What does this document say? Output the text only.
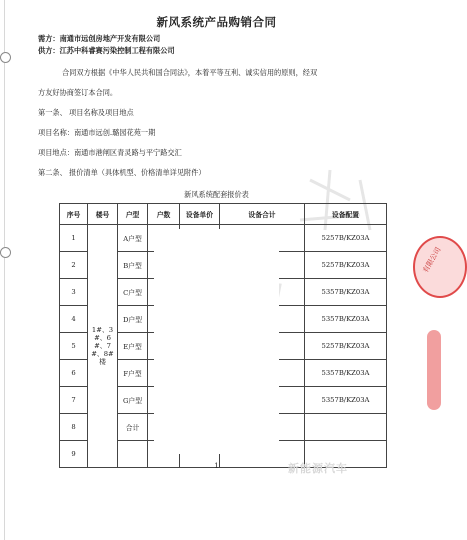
新风系统产品购销合同
需方：南通市远创房地产开发有限公司
供方：江苏中科睿赛污染控制工程有限公司
合同双方根据《中华人民共和国合同法》，本着平等互利、诚实信用的原则，经双
方友好协商签订本合同。
第一条、 项目名称及项目地点
项目名称：南通市远创.璐园花苑一期
项目地点：南通市港闸区青灵路与平宁路交汇
第二条、 报价清单（具体机型、价格清单详见附件）
新风系统配套报价表
序号	楼号	户型	户数	设备单价	设备合计	设备配置
1	1#、3#、6#、7#、8#楼	A户型				5257B/KZ03A
2		B户型				5257B/KZ03A
3		C户型				5357B/KZ03A
4		D户型				5357B/KZ03A
5		E户型				5257B/KZ03A
6		F户型				5357B/KZ03A
7		G户型				5357B/KZ03A
8		合计				
9						
1	新能源汽车
有限公司
